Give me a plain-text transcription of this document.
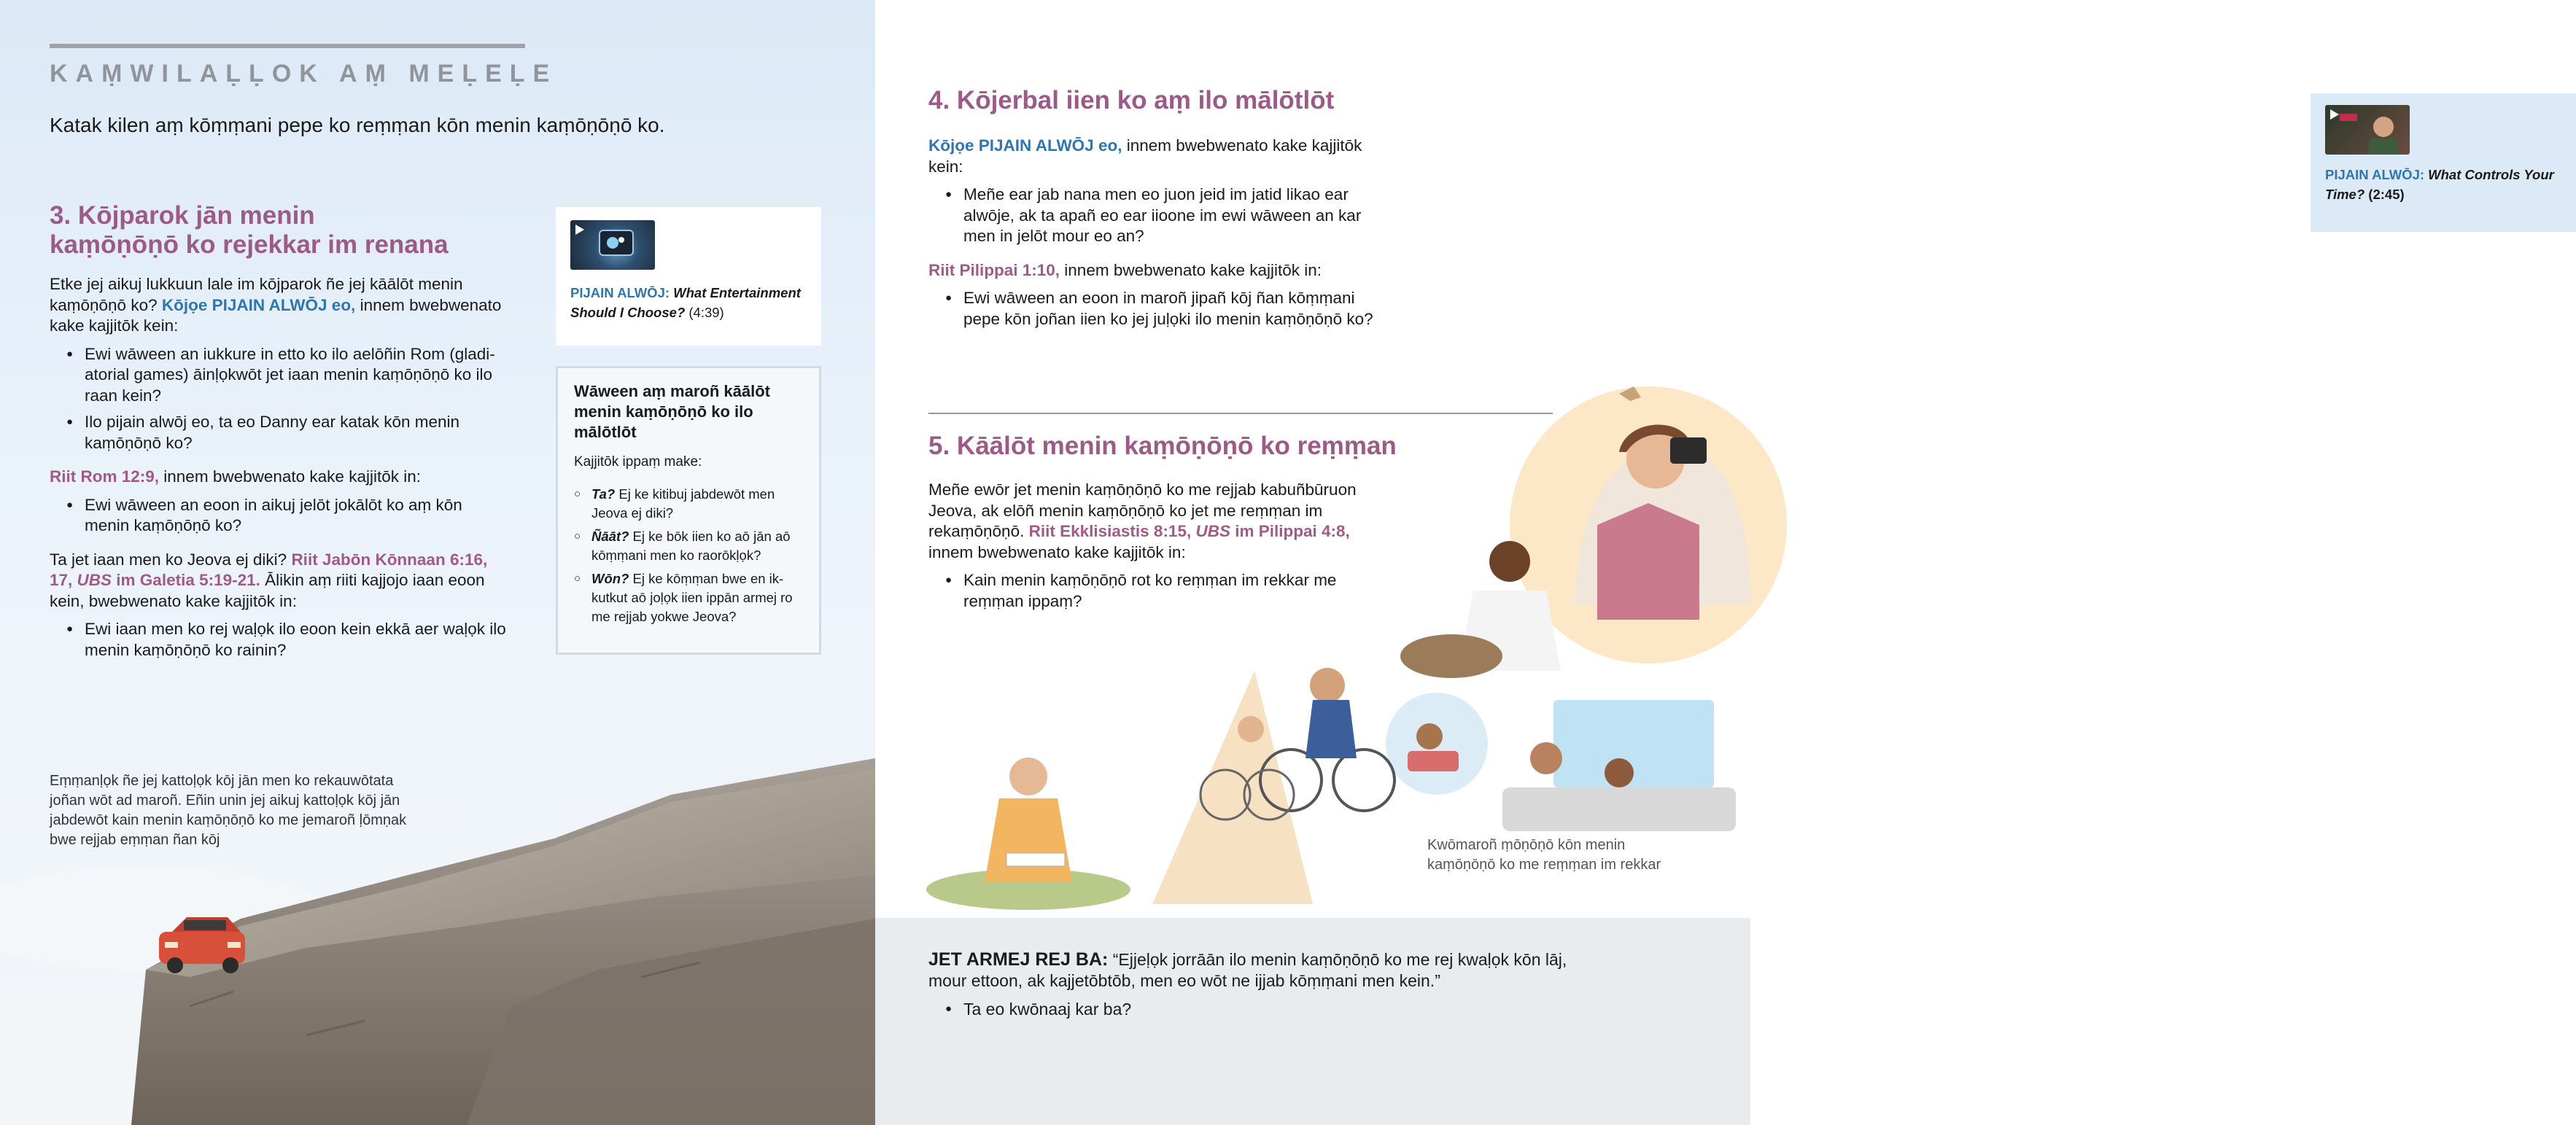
KAṂWILAḶḶOK AṂ MEḶEḶE
Katak kilen aṃ kōṃṃani pepe ko reṃṃan kōn menin kaṃōṇōṇō ko.
3. Kōjparok jān menin
kaṃōṇōṇō ko rejekkar im renana
Etke jej aikuj lukkuun lale im kōjparok ñe jej kāālōt menin kaṃōṇōṇō ko? Kōjọe PIJAIN ALWŌJ eo, innem bwebwenato kake kajjitōk kein:
● Ewi wāween an iukkure in etto ko ilo aelōñin Rom (gladiatorial games) āinḷọkwōt jet iaan menin kaṃōṇōṇō ko ilo raan kein?
● Ilo pijain alwōj eo, ta eo Danny ear katak kōn menin kaṃōṇōṇō ko?
Riit Rom 12:9, innem bwebwenato kake kajjitōk in:
● Ewi wāween an eoon in aikuj jelōt jokālōt ko aṃ kōn menin kaṃōṇōṇō ko?
Ta jet iaan men ko Jeova ej diki? Riit Jabōn Kōnnaan 6:16, 17, UBS im Galetia 5:19-21. Ālikin aṃ riiti kajjojo iaan eoon kein, bwebwenato kake kajjitōk in:
● Ewi iaan men ko rej waḷọk ilo eoon kein ekkā aer waḷọk ilo menin kaṃōṇōṇō ko rainin?
PIJAIN ALWŌJ: What Entertainment Should I Choose? (4:39)
Wāween aṃ maroñ kāālōt menin kaṃōṇōṇō ko ilo mālōtlōt
Kajjitōk ippaṃ make:
○ Ta? Ej ke kitibuj jabdewōt men Jeova ej diki?
○ Ñāāt? Ej ke bōk iien ko aō jān aō kōṃṃani men ko raorōkḷọk?
○ Wōn? Ej ke kōṃṃan bwe en ikkutkut aō joḷọk iien ippān armej ro me rejjab yokwe Jeova?
Eṃṃanḷọk ñe jej kattoḷọk kōj jān men ko rekauwōtata joñan wōt ad maroñ. Eñin unin jej aikuj kattoḷọk kōj jān jabdewōt kain menin kaṃōṇōṇō ko me jemaroñ ḷōmṇak bwe rejjab eṃṃan ñan kōj
4. Kōjerbal iien ko aṃ ilo mālōtlōt
Kōjọe PIJAIN ALWŌJ eo, innem bwebwenato kake kajjitōk kein:
● Meñe ear jab nana men eo juon jeid im jatid likao ear alwōje, ak ta apañ eo ear iioone im ewi wāween an kar men in jelōt mour eo an?
Riit Pilippai 1:10, innem bwebwenato kake kajjitōk in:
● Ewi wāween an eoon in maroñ jipañ kōj ñan kōṃṃani pepe kōn joñan iien ko jej juḷọki ilo menin kaṃōṇōṇō ko?
5. Kāālōt menin kaṃōṇōṇō ko reṃṃan
Meñe ewōr jet menin kaṃōṇōṇō ko me rejjab kabuñbūruon Jeova, ak elōñ menin kaṃōṇōṇō ko jet me reṃṃan im rekaṃōṇōṇō. Riit Ekklisiastis 8:15, UBS im Pilippai 4:8, innem bwebwenato kake kajjitōk in:
● Kain menin kaṃōṇōṇō rot ko reṃṃan im rekkar me reṃṃan ippaṃ?
PIJAIN ALWŌJ: What Controls Your Time? (2:45)
Kwōmaroñ ṃōṇōṇō kōn menin kaṃōṇōṇō ko me reṃṃan im rekkar
JET ARMEJ REJ BA: “Ejjeḷọk jorrāān ilo menin kaṃōṇōṇō ko me rej kwaḷọk kōn lāj, mour ettoon, ak kajjetōbtōb, men eo wōt ne ijjab kōṃṃani men kein.”
● Ta eo kwōnaaj kar ba?
